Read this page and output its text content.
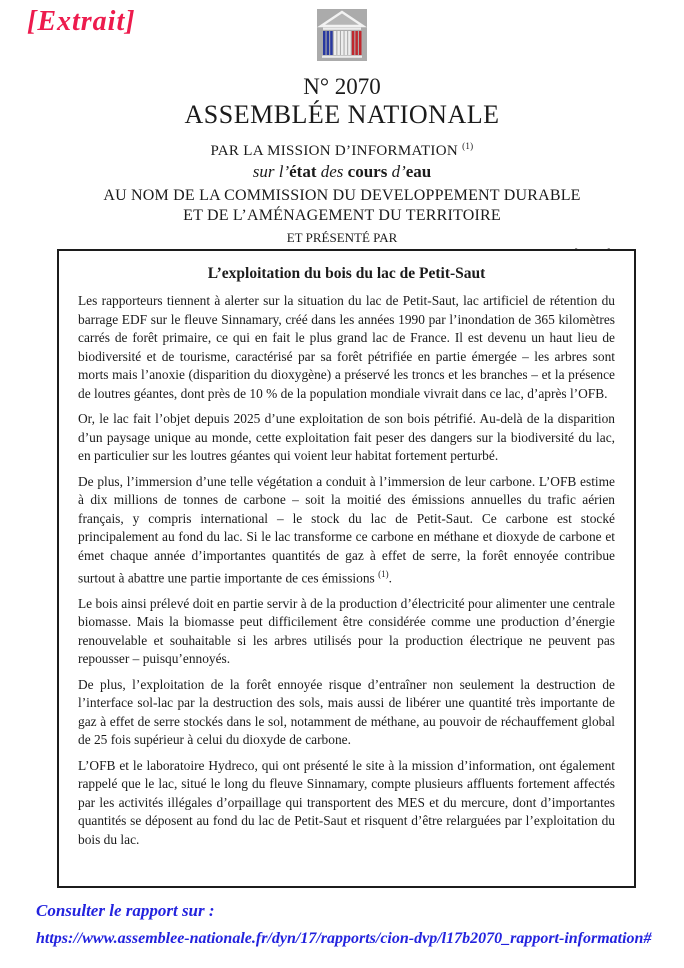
[Extrait]
N° 2070
ASSEMBLÉE NATIONALE
PAR LA MISSION D’INFORMATION $^{(1)}$
sur l’état des cours d’eau
AU NOM DE LA COMMISSION DU DEVELOPPEMENT DURABLE
ET DE L’AMÉNAGEMENT DU TERRITOIRE
ET PRÉSENTÉ PAR
L’exploitation du bois du lac de Petit-Saut

Les rapporteurs tiennent à alerter sur la situation du lac de Petit-Saut, lac artificiel de rétention du barrage EDF sur le fleuve Sinnamary, créé dans les années 1990 par l’inondation de 365 kilomètres carrés de forêt primaire, ce qui en fait le plus grand lac de France. Il est devenu un haut lieu de biodiversité et de tourisme, caractérisé par sa forêt pétrifiée en partie émergée – les arbres sont morts mais l’anoxie (disparition du dioxygène) a préservé les troncs et les branches – et la présence de loutres géantes, dont près de 10 % de la population mondiale vivrait dans ce lac, d’après l’OFB.

Or, le lac fait l’objet depuis 2025 d’une exploitation de son bois pétrifié. Au-delà de la disparition d’un paysage unique au monde, cette exploitation fait peser des dangers sur la biodiversité du lac, en particulier sur les loutres géantes qui voient leur habitat fortement perturbé.

De plus, l’immersion d’une telle végétation a conduit à l’immersion de leur carbone. L’OFB estime à dix millions de tonnes de carbone – soit la moitié des émissions annuelles du trafic aérien français, y compris international – le stock du lac de Petit-Saut. Ce carbone est stocké principalement au fond du lac. Si le lac transforme ce carbone en méthane et dioxyde de carbone et émet chaque année d’importantes quantités de gaz à effet de serre, la forêt ennoyée contribue surtout à abattre une partie importante de ces émissions $^{(1)}$.

Le bois ainsi prélevé doit en partie servir à de la production d’électricité pour alimenter une centrale biomasse. Mais la biomasse peut difficilement être considérée comme une production d’énergie renouvelable et souhaitable si les arbres utilisés pour la production électrique ne peuvent pas repousser – puisqu’ennoyés.

De plus, l’exploitation de la forêt ennoyée risque d’entraîner non seulement la destruction de l’interface sol-lac par la destruction des sols, mais aussi de libérer une quantité très importante de gaz à effet de serre stockés dans le sol, notamment de méthane, au pouvoir de réchauffement global de 25 fois supérieur à celui du dioxyde de carbone.

L’OFB et le laboratoire Hydreco, qui ont présenté le site à la mission d’information, ont également rappelé que le lac, situé le long du fleuve Sinnamary, compte plusieurs affluents fortement affectés par les activités illégales d’orpaillage qui transportent des MES et du mercure, dont d’importantes quantités se déposent au fond du lac de Petit-Saut et risquent d’être relarguées par l’exploitation du bois du lac.

Consulter le rapport sur :
https://www.assemblee-nationale.fr/dyn/17/rapports/cion-dvp/l17b2070_rapport-information#
